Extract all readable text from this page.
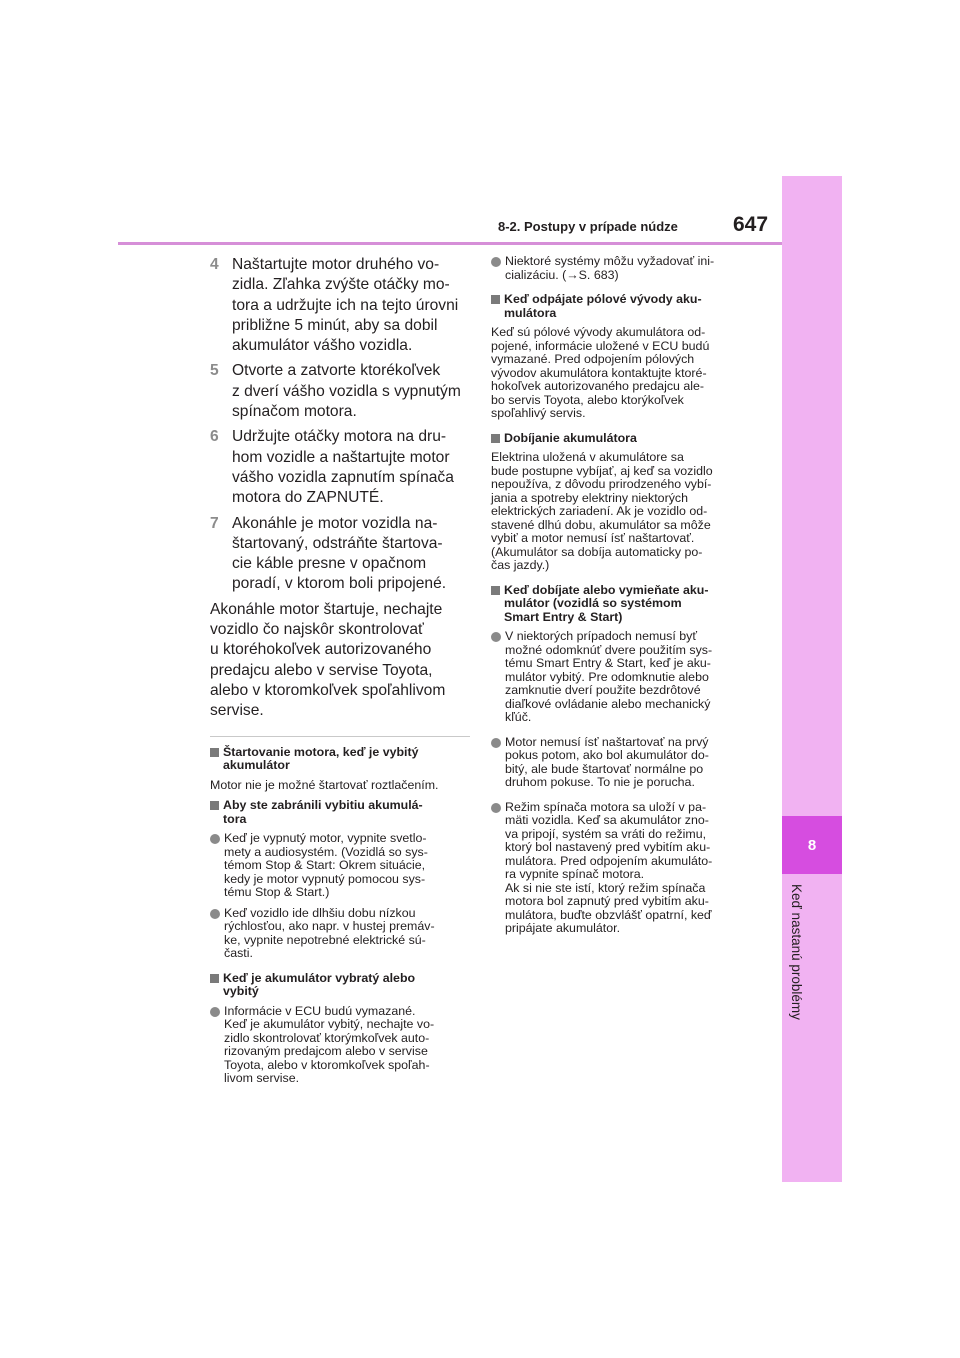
8
Keď nastanú problémy
8-2. Postupy v prípade núdze	647
4 Naštartujte motor druhého vo-
zidla. Zľahka zvýšte otáčky mo-
tora a udržujte ich na tejto úrovni
približne 5 minút, aby sa dobil
akumulátor vášho vozidla.
5 Otvorte a zatvorte ktorékoľvek
z dverí vášho vozidla s vypnutým
spínačom motora.
6 Udržujte otáčky motora na dru-
hom vozidle a naštartujte motor
vášho vozidla zapnutím spínača
motora do ZAPNUTÉ.
7 Akonáhle je motor vozidla na-
štartovaný, odstráňte štartova-
cie káble presne v opačnom
poradí, v ktorom boli pripojené.
Akonáhle motor štartuje, nechajte
vozidlo čo najskôr skontrolovať
u ktoréhokoľvek autorizovaného
predajcu alebo v servise Toyota,
alebo v ktoromkoľvek spoľahlivom
servise.
Štartovanie motora, keď je vybitý
akumulátor
Motor nie je možné štartovať roztlačením.
Aby ste zabránili vybitiu akumulá-
tora
Keď je vypnutý motor, vypnite svetlo-
mety a audiosystém. (Vozidlá so sys-
témom Stop & Start: Okrem situácie,
kedy je motor vypnutý pomocou sys-
tému Stop & Start.)
Keď vozidlo ide dlhšiu dobu nízkou
rýchlosťou, ako napr. v hustej premáv-
ke, vypnite nepotrebné elektrické sú-
časti.
Keď je akumulátor vybratý alebo
vybitý
Informácie v ECU budú vymazané.
Keď je akumulátor vybitý, nechajte vo-
zidlo skontrolovať ktorýmkoľvek auto-
rizovaným predajcom alebo v servise
Toyota, alebo v ktoromkoľvek spoľah-
livom servise.
Niektoré systémy môžu vyžadovať ini-
cializáciu. (→S. 683)
Keď odpájate pólové vývody aku-
mulátora
Keď sú pólové vývody akumulátora od-
pojené, informácie uložené v ECU budú
vymazané. Pred odpojením pólových
vývodov akumulátora kontaktujte ktoré-
hokoľvek autorizovaného predajcu ale-
bo servis Toyota, alebo ktorýkoľvek
spoľahlivý servis.
Dobíjanie akumulátora
Elektrina uložená v akumulátore sa
bude postupne vybíjať, aj keď sa vozidlo
nepoužíva, z dôvodu prirodzeného vybí-
jania a spotreby elektriny niektorých
elektrických zariadení. Ak je vozidlo od-
stavené dlhú dobu, akumulátor sa môže
vybiť a motor nemusí ísť naštartovať.
(Akumulátor sa dobíja automaticky po-
čas jazdy.)
Keď dobíjate alebo vymieňate aku-
mulátor (vozidlá so systémom
Smart Entry & Start)
V niektorých prípadoch nemusí byť
možné odomknúť dvere použitím sys-
tému Smart Entry & Start, keď je aku-
mulátor vybitý. Pre odomknutie alebo
zamknutie dverí použite bezdrôtové
diaľkové ovládanie alebo mechanický
kľúč.
Motor nemusí ísť naštartovať na prvý
pokus potom, ako bol akumulátor do-
bitý, ale bude štartovať normálne po
druhom pokuse. To nie je porucha.
Režim spínača motora sa uloží v pa-
mäti vozidla. Keď sa akumulátor zno-
va pripojí, systém sa vráti do režimu,
ktorý bol nastavený pred vybitím aku-
mulátora. Pred odpojením akumuláto-
ra vypnite spínač motora.
Ak si nie ste istí, ktorý režim spínača
motora bol zapnutý pred vybitím aku-
mulátora, buďte obzvlášť opatrní, keď
pripájate akumulátor.
